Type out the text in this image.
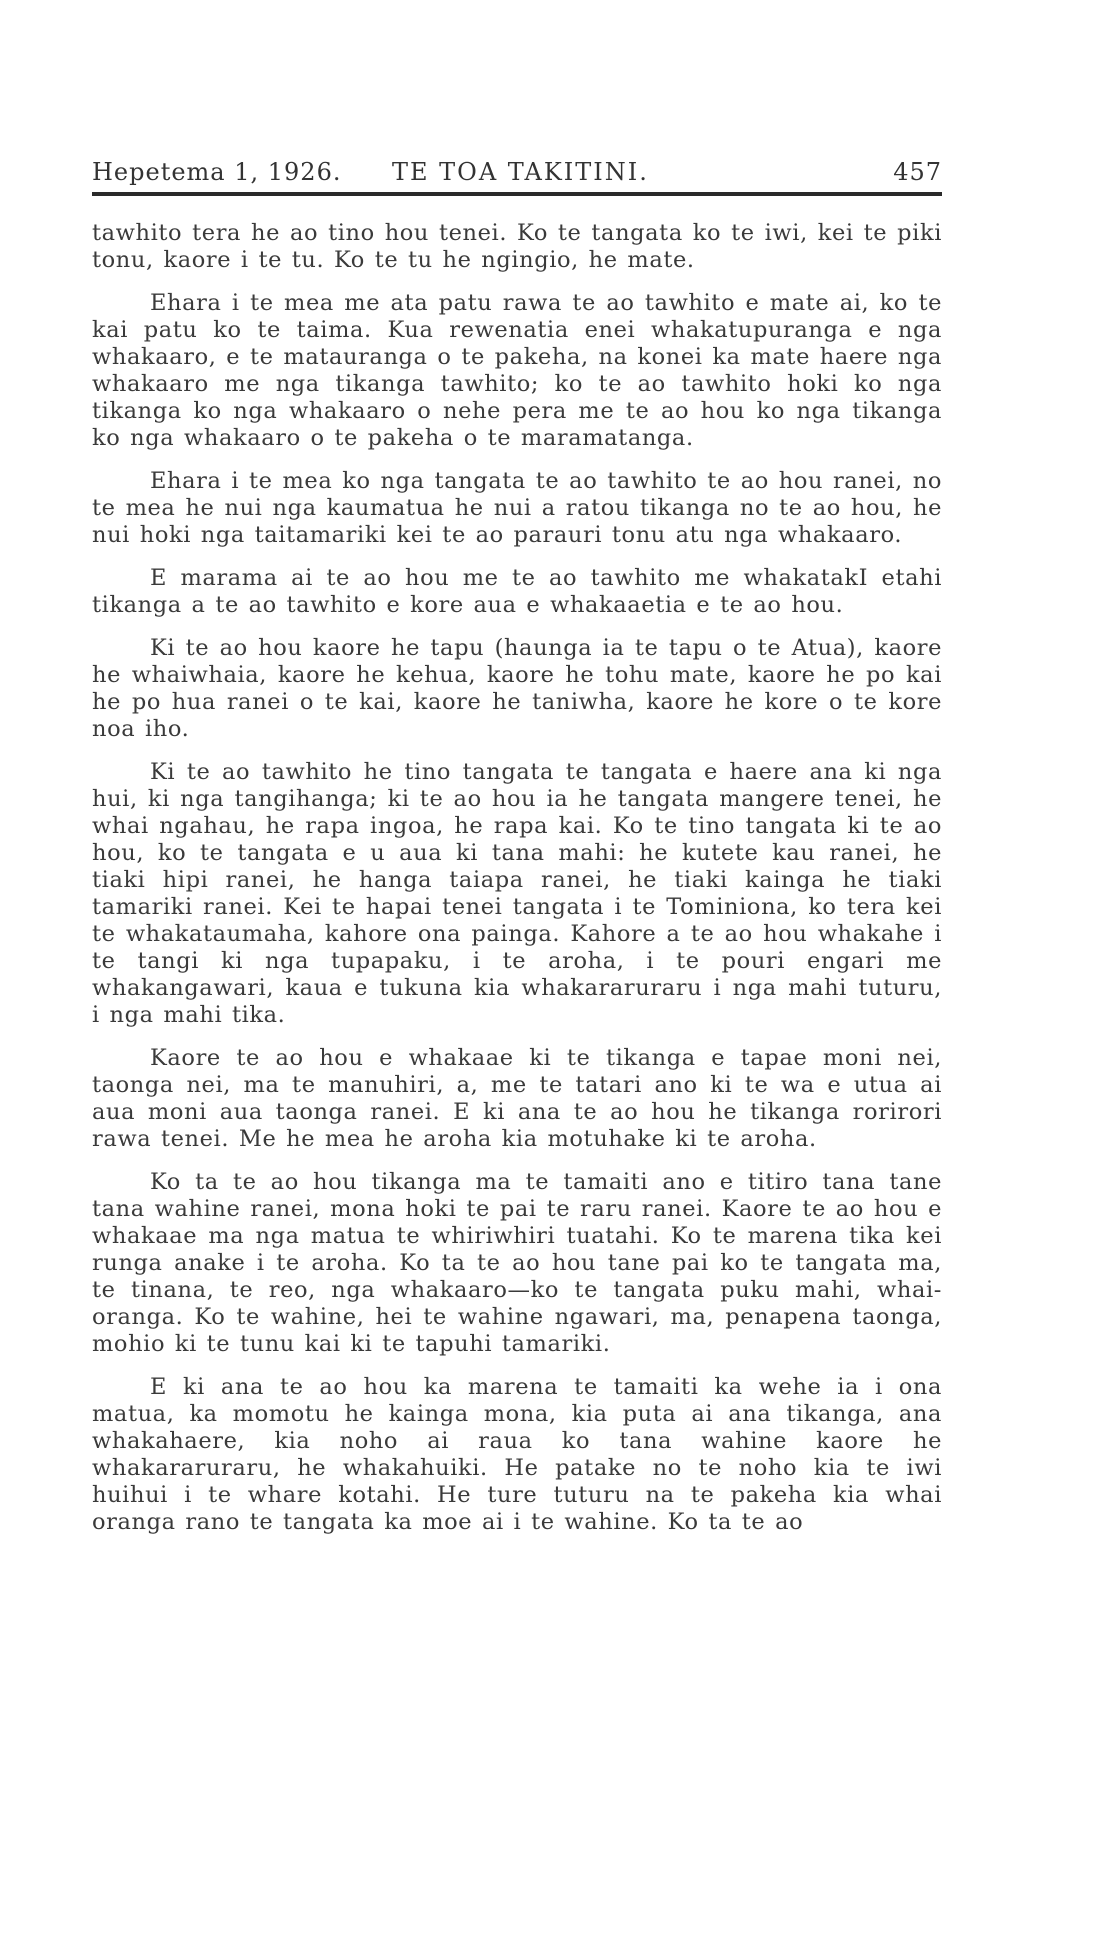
Hepetema 1, 1926. TE TOA TAKITINI.	457

tawhito tera he ao tino hou tenei. Ko te tangata ko te iwi, kei te piki tonu, kaore i te tu. Ko te tu he ngingio, he mate.

Ehara i te mea me ata patu rawa te ao tawhito e mate ai, ko te kai patu ko te taima. Kua rewenatia enei whakatupuranga e nga whakaaro, e te matauranga o te pakeha, na konei ka mate haere nga whakaaro me nga tikanga tawhito; ko te ao tawhito hoki ko nga tikanga ko nga whakaaro o nehe pera me te ao hou ko nga tikanga ko nga whakaaro o te pakeha o te maramatanga.

Ehara i te mea ko nga tangata te ao tawhito te ao hou ranei, no te mea he nui nga kaumatua he nui a ratou tikanga no te ao hou, he nui hoki nga taitamariki kei te ao parauri tonu atu nga whakaaro.

E marama ai te ao hou me te ao tawhito me whakatakI etahi tikanga a te ao tawhito e kore aua e whakaaetia e te ao hou.

Ki te ao hou kaore he tapu (haunga ia te tapu o te Atua), kaore he whaiwhaia, kaore he kehua, kaore he tohu mate, kaore he po kai he po hua ranei o te kai, kaore he taniwha, kaore he kore o te kore noa iho.

Ki te ao tawhito he tino tangata te tangata e haere ana ki nga hui, ki nga tangihanga; ki te ao hou ia he tangata mangere tenei, he whai ngahau, he rapa ingoa, he rapa kai. Ko te tino tangata ki te ao hou, ko te tangata e u aua ki tana mahi: he kutete kau ranei, he tiaki hipi ranei, he hanga taiapa ranei, he tiaki kainga he tiaki tamariki ranei. Kei te hapai tenei tangata i te Tominiona, ko tera kei te whakataumaha, kahore ona painga. Kahore a te ao hou whakahe i te tangi ki nga tupapaku, i te aroha, i te pouri engari me whakangawari, kaua e tukuna kia whakararuraru i nga mahi tuturu, i nga mahi tika.

Kaore te ao hou e whakaae ki te tikanga e tapae moni nei, taonga nei, ma te manuhiri, a, me te tatari ano ki te wa e utua ai aua moni aua taonga ranei. E ki ana te ao hou he tikanga rorirori rawa tenei. Me he mea he aroha kia motuhake ki te aroha.

Ko ta te ao hou tikanga ma te tamaiti ano e titiro tana tane tana wahine ranei, mona hoki te pai te raru ranei. Kaore te ao hou e whakaae ma nga matua te whiriwhiri tuatahi. Ko te marena tika kei runga anake i te aroha. Ko ta te ao hou tane pai ko te tangata ma, te tinana, te reo, nga whakaaro—ko te tangata puku mahi, whai-oranga. Ko te wahine, hei te wahine ngawari, ma, penapena taonga, mohio ki te tunu kai ki te tapuhi tamariki.

E ki ana te ao hou ka marena te tamaiti ka wehe ia i ona matua, ka momotu he kainga mona, kia puta ai ana tikanga, ana whakahaere, kia noho ai raua ko tana wahine kaore he whakararuraru, he whakahuiki. He patake no te noho kia te iwi huihui i te whare kotahi. He ture tuturu na te pakeha kia whai oranga rano te tangata ka moe ai i te wahine. Ko ta te ao
